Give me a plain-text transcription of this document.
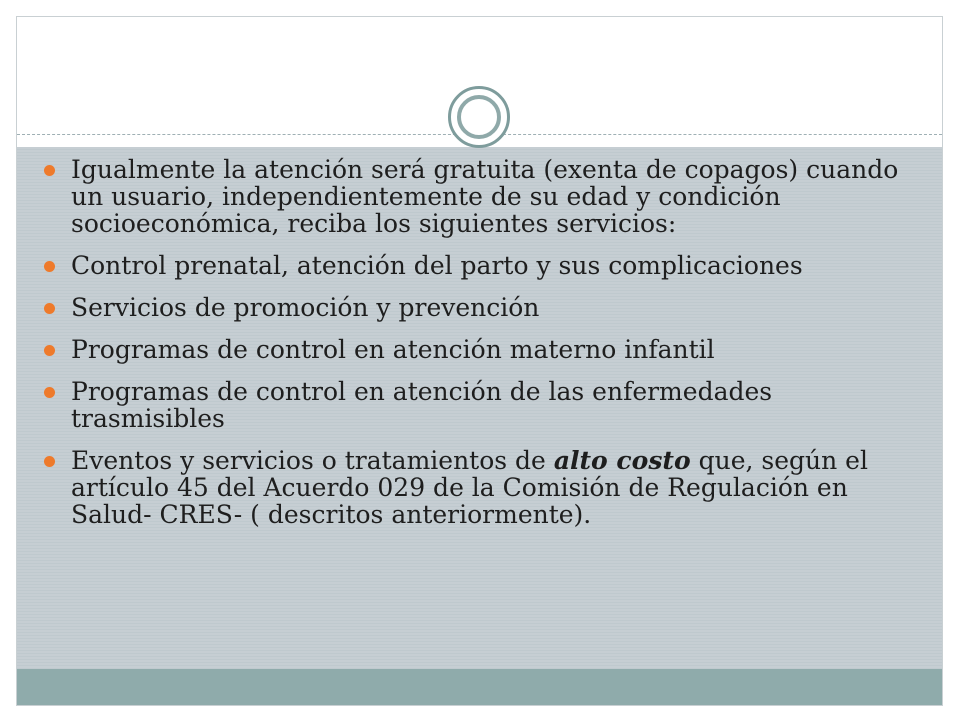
Igualmente la atención será gratuita (exenta de copagos) cuando un usuario, independientemente de su edad y condición socioeconómica, reciba los siguientes servicios:
Control prenatal, atención del parto y sus complicaciones
Servicios de promoción y prevención
Programas de control en atención materno infantil
Programas de control en atención de las enfermedades trasmisibles
Eventos y servicios o tratamientos de alto costo que, según el artículo 45 del Acuerdo 029 de la Comisión de Regulación en Salud- CRES- ( descritos anteriormente).
